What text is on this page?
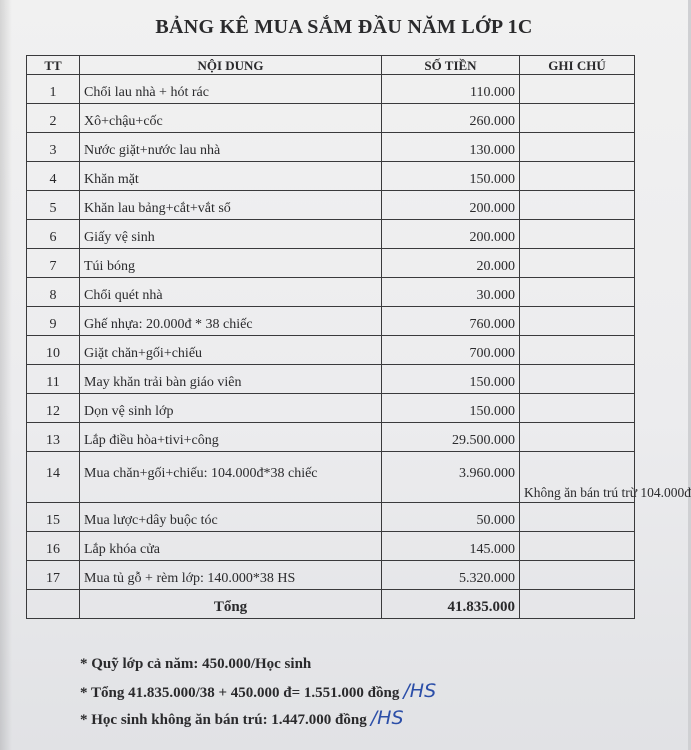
BẢNG KÊ MUA SẮM ĐẦU NĂM LỚP 1C
TT	NỘI DUNG	SỐ TIỀN	GHI CHÚ
1	Chổi lau nhà + hót rác	110.000	
2	Xô+chậu+cốc	260.000	
3	Nước giặt+nước lau nhà	130.000	
4	Khăn mặt	150.000	
5	Khăn lau bảng+cắt+vắt sổ	200.000	
6	Giấy vệ sinh	200.000	
7	Túi bóng	20.000	
8	Chổi quét nhà	30.000	
9	Ghế nhựa: 20.000đ * 38 chiếc	760.000	
10	Giặt chăn+gối+chiếu	700.000	
11	May khăn trải bàn giáo viên	150.000	
12	Dọn vệ sinh lớp	150.000	
13	Lắp điều hòa+tivi+công	29.500.000	
14	Mua chăn+gối+chiếu: 104.000đ*38 chiếc	3.960.000	Không ăn bán trú trừ 104.000đ
15	Mua lược+dây buộc tóc	50.000	
16	Lắp khóa cửa	145.000	
17	Mua tủ gỗ + rèm lớp: 140.000*38 HS	5.320.000	
	Tổng	41.835.000	
* Quỹ lớp cả năm: 450.000/Học sinh
* Tổng 41.835.000/38 + 450.000 đ= 1.551.000 đồng /HS
* Học sinh không ăn bán trú: 1.447.000 đồng /HS
